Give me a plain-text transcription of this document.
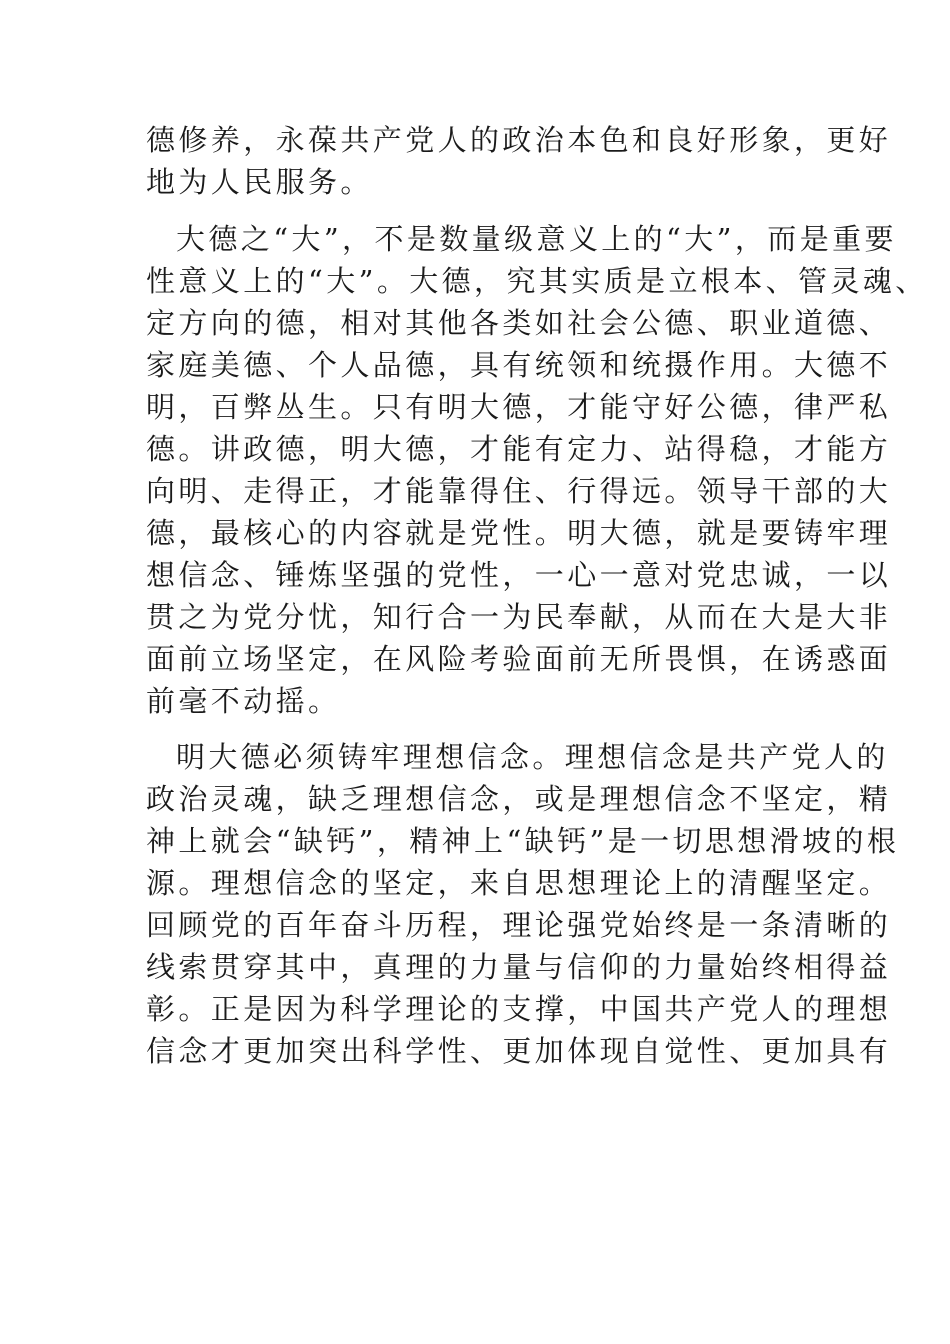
德修养，永葆共产党人的政治本色和良好形象，更好
地为人民服务。
大德之“大”，不是数量级意义上的“大”，而是重要
性意义上的“大”。大德，究其实质是立根本、管灵魂、
定方向的德，相对其他各类如社会公德、职业道德、
家庭美德、个人品德，具有统领和统摄作用。大德不
明，百弊丛生。只有明大德，才能守好公德，律严私
德。讲政德，明大德，才能有定力、站得稳，才能方
向明、走得正，才能靠得住、行得远。领导干部的大
德，最核心的内容就是党性。明大德，就是要铸牢理
想信念、锤炼坚强的党性，一心一意对党忠诚，一以
贯之为党分忧，知行合一为民奉献，从而在大是大非
面前立场坚定，在风险考验面前无所畏惧，在诱惑面
前毫不动摇。
明大德必须铸牢理想信念。理想信念是共产党人的
政治灵魂，缺乏理想信念，或是理想信念不坚定，精
神上就会“缺钙”，精神上“缺钙”是一切思想滑坡的根
源。理想信念的坚定，来自思想理论上的清醒坚定。
回顾党的百年奋斗历程，理论强党始终是一条清晰的
线索贯穿其中，真理的力量与信仰的力量始终相得益
彰。正是因为科学理论的支撑，中国共产党人的理想
信念才更加突出科学性、更加体现自觉性、更加具有
